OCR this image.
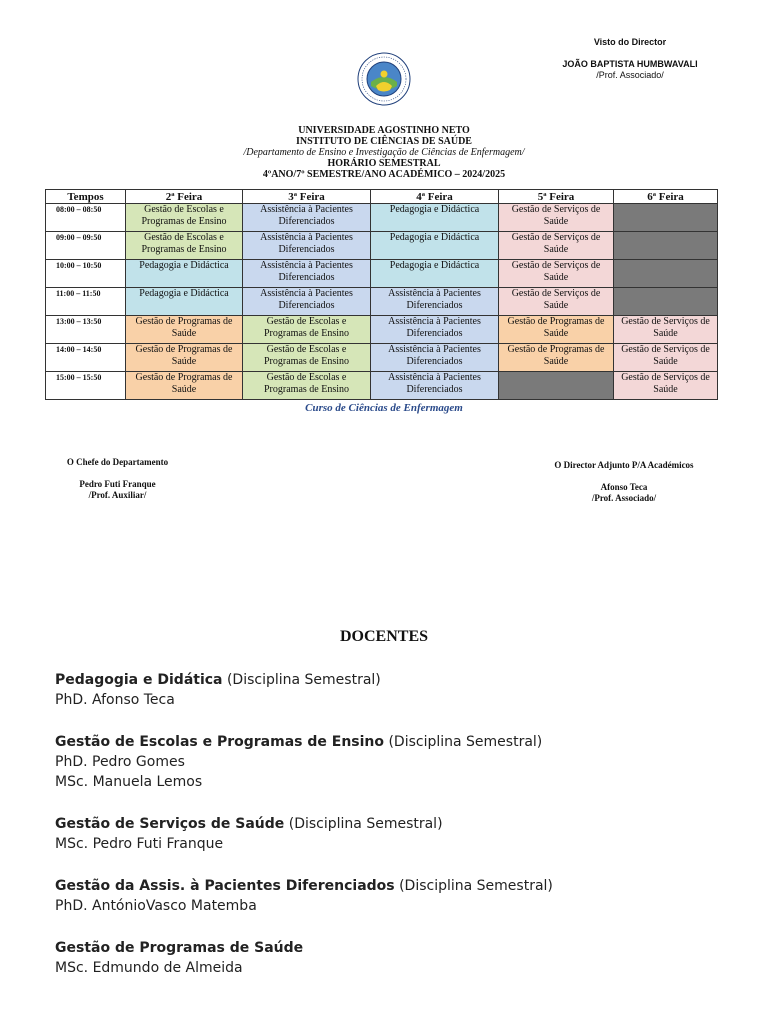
Visto do Director
JOÃO BAPTISTA HUMBWAVALI
/Prof. Associado/
UNIVERSIDADE AGOSTINHO NETO
INSTITUTO DE CIÊNCIAS DE SAÚDE
/Departamento de Ensino e Investigação de Ciências de Enfermagem/
HORÁRIO SEMESTRAL
4ºANO/7º SEMESTRE/ANO ACADÉMICO – 2024/2025
Tempos	2ª Feira	3ª Feira	4ª Feira	5ª Feira	6ª Feira
08:00 – 08:50	Gestão de Escolas e Programas de Ensino	Assistência à Pacientes Diferenciados	Pedagogia e Didáctica	Gestão de Serviços de Saúde	
09:00 – 09:50	Gestão de Escolas e Programas de Ensino	Assistência à Pacientes Diferenciados	Pedagogia e Didáctica	Gestão de Serviços de Saúde	
10:00 – 10:50	Pedagogia e Didáctica	Assistência à Pacientes Diferenciados	Pedagogia e Didáctica	Gestão de Serviços de Saúde	
11:00 – 11:50	Pedagogia e Didáctica	Assistência à Pacientes Diferenciados	Assistência à Pacientes Diferenciados	Gestão de Serviços de Saúde	
13:00 – 13:50	Gestão de Programas de Saúde	Gestão de Escolas e Programas de Ensino	Assistência à Pacientes Diferenciados	Gestão de Programas de Saúde	Gestão de Serviços de Saúde
14:00 – 14:50	Gestão de Programas de Saúde	Gestão de Escolas e Programas de Ensino	Assistência à Pacientes Diferenciados	Gestão de Programas de Saúde	Gestão de Serviços de Saúde
15:00 – 15:50	Gestão de Programas de Saúde	Gestão de Escolas e Programas de Ensino	Assistência à Pacientes Diferenciados		Gestão de Serviços de Saúde
Curso de Ciências de Enfermagem
O Chefe do Departamento
Pedro Futi Franque
/Prof. Auxiliar/
O Director Adjunto P/A Académicos
Afonso Teca
/Prof. Associado/
DOCENTES
Pedagogia e Didática (Disciplina Semestral)
PhD. Afonso Teca
Gestão de Escolas e Programas de Ensino (Disciplina Semestral)
PhD. Pedro Gomes
MSc. Manuela Lemos
Gestão de Serviços de Saúde (Disciplina Semestral)
MSc. Pedro Futi Franque
Gestão da Assis. à Pacientes Diferenciados (Disciplina Semestral)
PhD. AntónioVasco Matemba
Gestão de Programas de Saúde
MSc. Edmundo de Almeida
